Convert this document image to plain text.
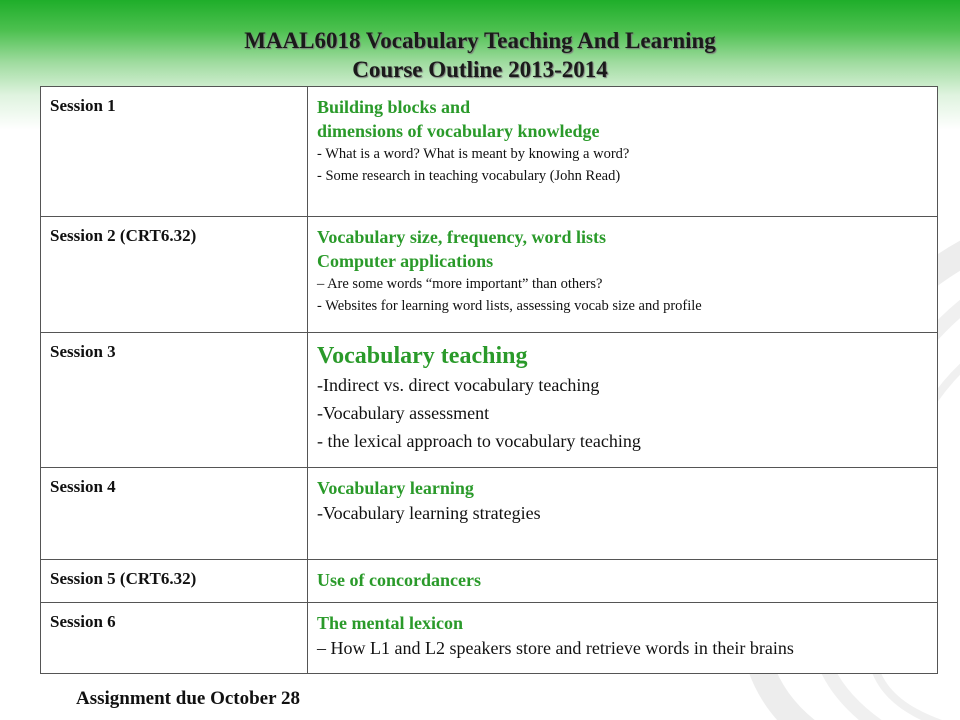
MAAL6018 Vocabulary Teaching And Learning
Course Outline 2013-2014
Session 1	Building blocks and
dimensions of vocabulary knowledge
- What is a word? What is meant by knowing a word?
- Some research in teaching vocabulary (John Read)

Session 2 (CRT6.32)	Vocabulary size, frequency, word lists
Computer applications
– Are some words “more important” than others?
- Websites for learning word lists, assessing vocab size and profile

Session 3	Vocabulary teaching
-Indirect vs. direct vocabulary teaching
-Vocabulary assessment
- the lexical approach to vocabulary teaching

Session 4	Vocabulary learning
-Vocabulary learning strategies

Session 5 (CRT6.32)	Use of concordancers

Session 6	The mental lexicon
– How L1 and L2 speakers store and retrieve words in their brains
Assignment due October 28
